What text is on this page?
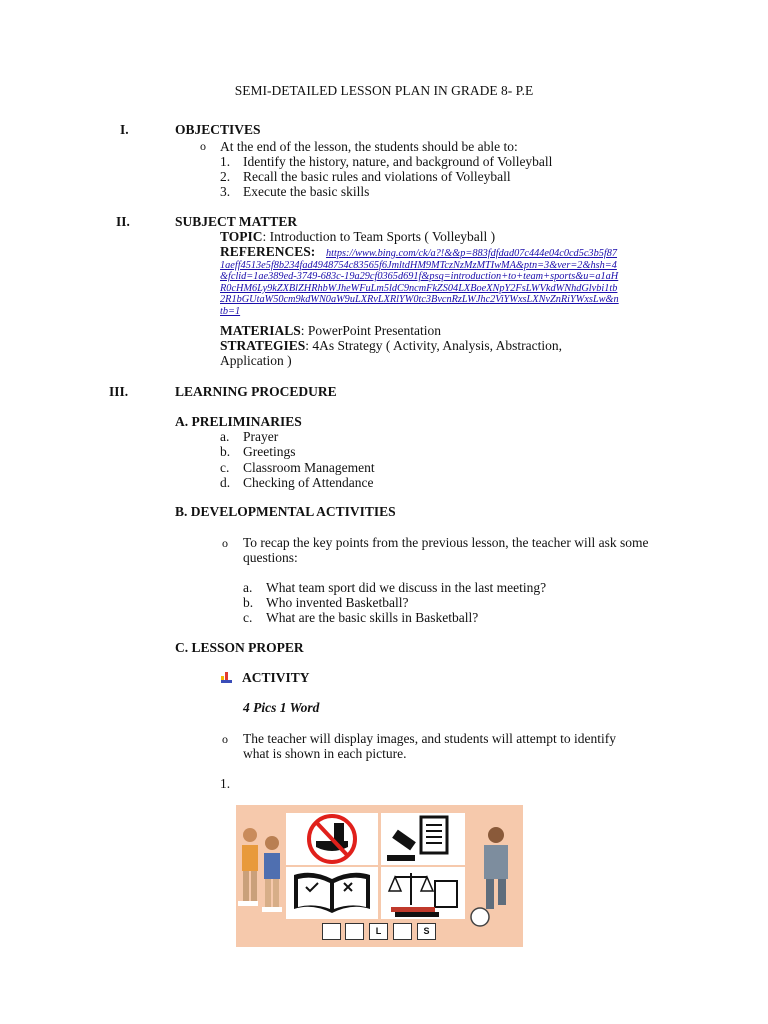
SEMI-DETAILED LESSON PLAN IN GRADE 8- P.E
I.	OBJECTIVES
o At the end of the lesson, the students should be able to:
1. Identify the history, nature, and background of Volleyball
2. Recall the basic rules and violations of Volleyball
3. Execute the basic skills
II.	SUBJECT MATTER
TOPIC: Introduction to Team Sports ( Volleyball )
REFERENCES:	https://www.bing.com/ck/a?!&&p=883fdfdad07c444e04c0cd5c3b5f871aeff4513e5f8b234fad4948754c83565f6JmltdHM9MTczNzMzMTIwMA&ptn=3&ver=2&hsh=4&fclid=1ae389ed-3749-683c-19a29cf0365d691f&psq=introduction+to+team+sports&u=a1aHR0cHM6Ly9kZXBlZHRhbWJheWFuLm5ldC9ncmFkZS04LXBoeXNpY2FsLWVkdWNhdGlvbi1tb2R1bGUtaW50cm9kdWN0aW9uLXRvLXRlYW0tc3BvcnRzLWJhc2ViYWxsLXNvZnRiYWxsLw&ntb=1
MATERIALS: PowerPoint Presentation
STRATEGIES: 4As Strategy ( Activity, Analysis, Abstraction, Application )
III.	LEARNING PROCEDURE
A. PRELIMINARIES
a. Prayer
b. Greetings
c. Classroom Management
d. Checking of Attendance
B. DEVELOPMENTAL ACTIVITIES
o To recap the key points from the previous lesson, the teacher will ask some questions:
a. What team sport did we discuss in the last meeting?
b. Who invented Basketball?
c. What are the basic skills in Basketball?
C. LESSON PROPER
ACTIVITY
4 Pics 1 Word
o The teacher will display images, and students will attempt to identify what is shown in each picture.
1.
L	S
